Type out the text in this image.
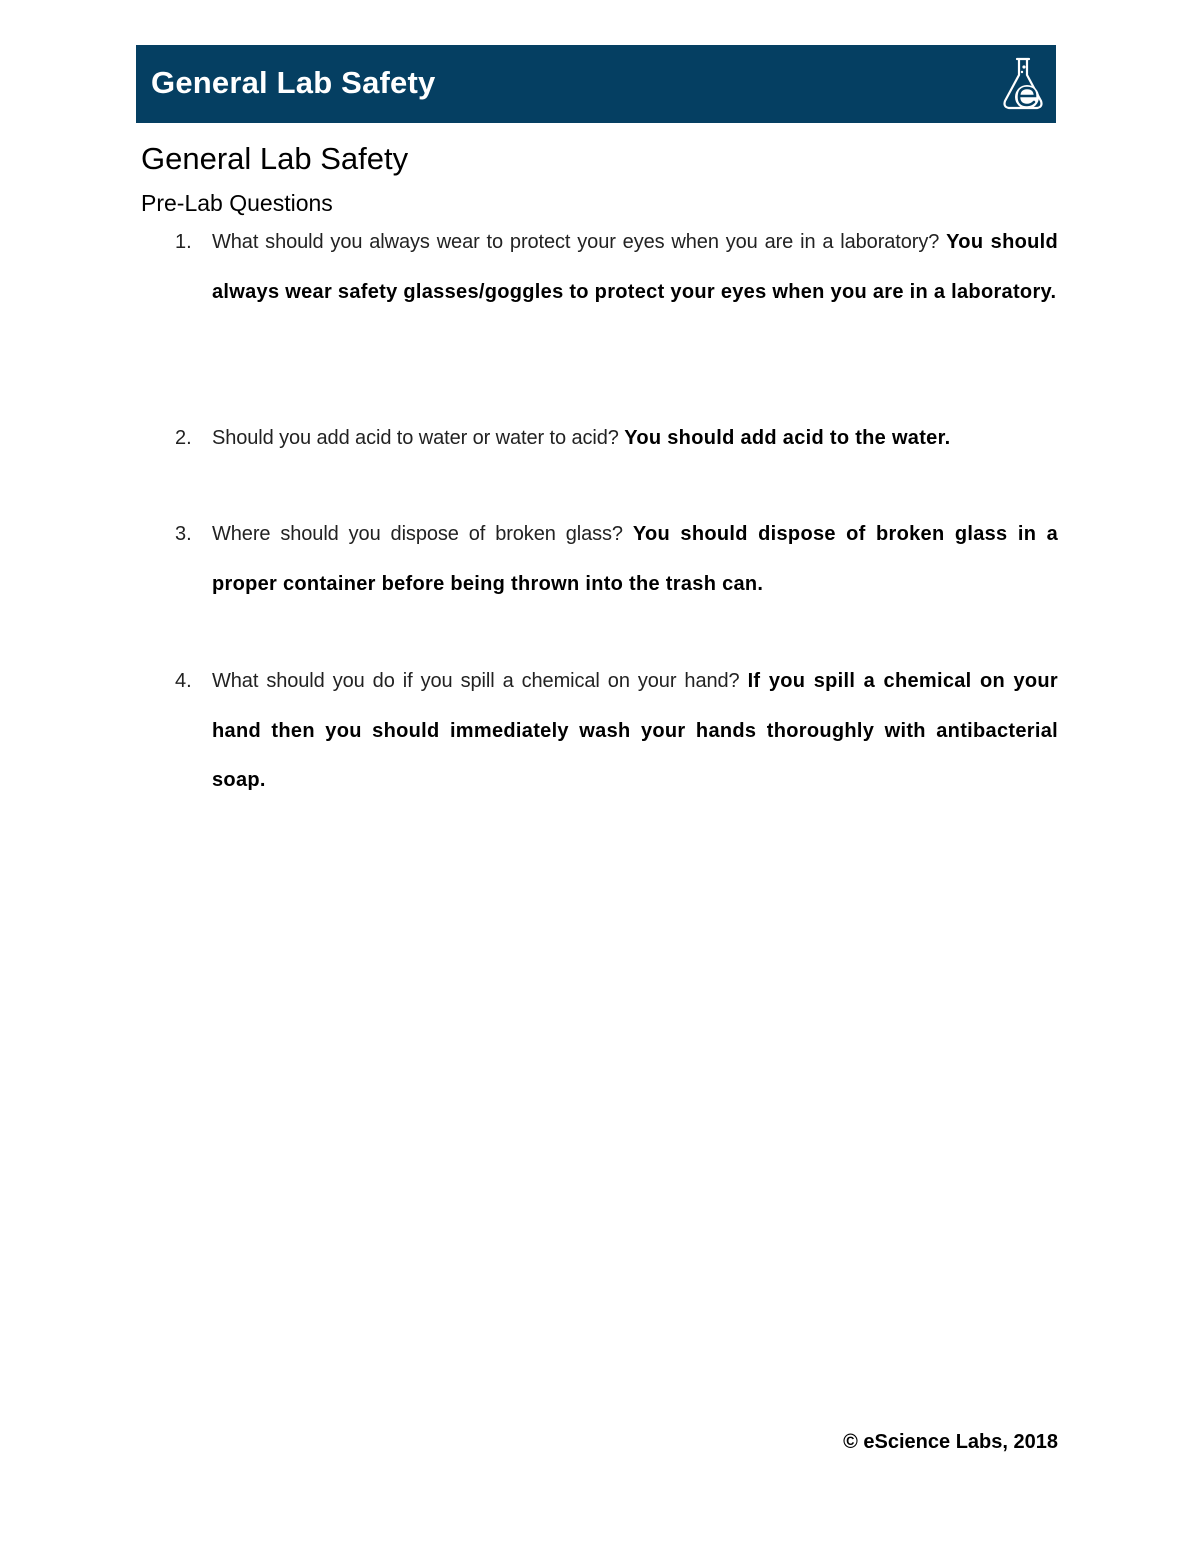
General Lab Safety
General Lab Safety
Pre-Lab Questions
1. What should you always wear to protect your eyes when you are in a laboratory? You should always wear safety glasses/goggles to protect your eyes when you are in a laboratory.
2. Should you add acid to water or water to acid? You should add acid to the water.
3. Where should you dispose of broken glass? You should dispose of broken glass in a proper container before being thrown into the trash can.
4. What should you do if you spill a chemical on your hand? If you spill a chemical on your hand then you should immediately wash your hands thoroughly with antibacterial soap.
© eScience Labs, 2018
